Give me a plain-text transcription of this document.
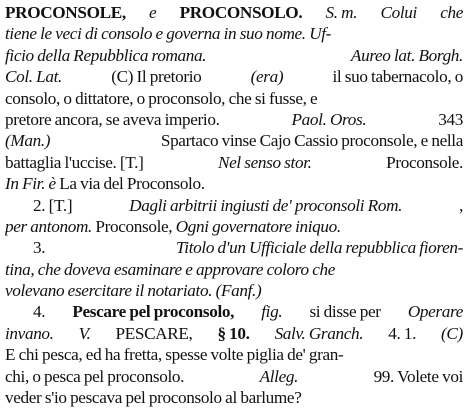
PROCONSOLE, e PROCONSOLO. S. m. Colui che
tiene le veci di consolo e governa in suo nome. Uf-
ficio della Repubblica romana.	Aureo lat. Borgh.
Col. Lat.	(C) Il pretorio	(era)	il suo tabernacolo, o
consolo, o dittatore, o proconsolo, che si fusse, e
pretore ancora, se aveva imperio.	Paol. Oros.	343
(Man.)	Spartaco vinse Cajo Cassio proconsole, e nella
battaglia l'uccise. [T.]	Nel senso stor.	Proconsole.
In Fir. è La via del Proconsolo.
2. [T.]	Dagli arbitrii ingiusti de' proconsoli Rom.	,
per antonom. Proconsole, Ogni governatore iniquo.
3.	Titolo d'un Ufficiale della repubblica fioren-
tina, che doveva esaminare e approvare coloro che
volevano esercitare il notariato. (Fanf.)
4. Pescare pel proconsolo, fig. si disse per Operare
invano. V. PESCARE, § 10. Salv. Granch. 4. 1. (C)
E chi pesca, ed ha fretta, spesse volte piglia de' gran-
chi, o pesca pel proconsolo.	Alleg.	99. Volete voi
veder s'io pescava pel proconsolo al barlume?
